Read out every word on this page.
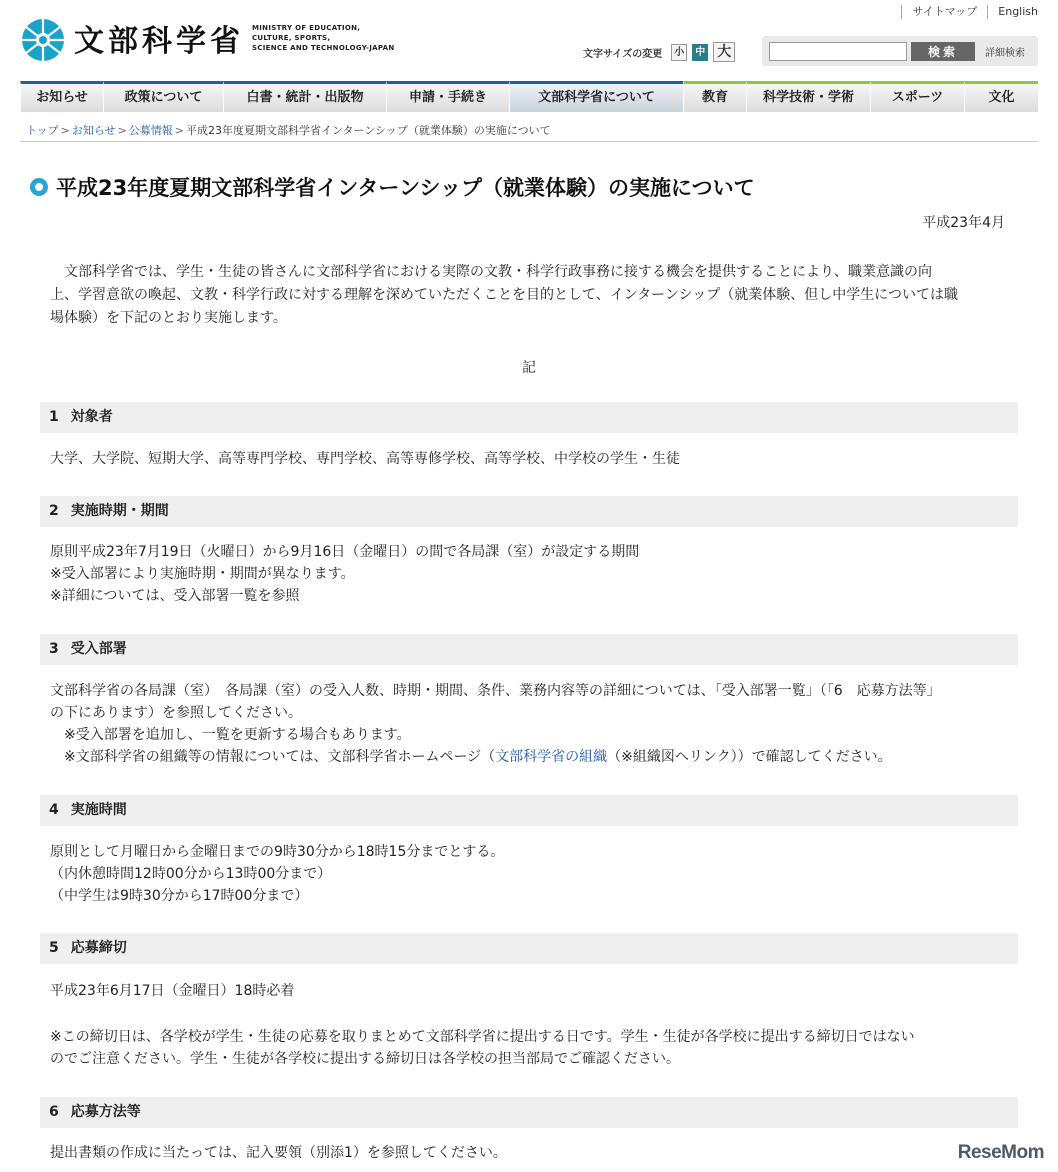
サイトマップ	English
文部科学省 MINISTRY OF EDUCATION,
CULTURE, SPORTS,
SCIENCE AND TECHNOLOGY-JAPAN
文字サイズの変更	小	中 大	検索	詳細検索
お知らせ	政策について	白書・統計・出版物	申請・手続き	文部科学省について	教育	科学技術・学術	スポーツ	文化
トップ > お知らせ > 公募情報 > 平成23年度夏期文部科学省インターンシップ（就業体験）の実施について
平成23年度夏期文部科学省インターンシップ（就業体験）の実施について
平成23年4月
　文部科学省では、学生・生徒の皆さんに文部科学省における実際の文教・科学行政事務に接する機会を提供することにより、職業意識の向
上、学習意欲の喚起、文教・科学行政に対する理解を深めていただくことを目的として、インターンシップ（就業体験、但し中学生については職
場体験）を下記のとおり実施します。
記
1 対象者
大学、大学院、短期大学、高等専門学校、専門学校、高等専修学校、高等学校、中学校の学生・生徒
2 実施時期・期間
原則平成23年7月19日（火曜日）から9月16日（金曜日）の間で各局課（室）が設定する期間
※受入部署により実施時期・期間が異なります。
※詳細については、受入部署一覧を参照
3 受入部署
文部科学省の各局課（室）　各局課（室）の受入人数、時期・期間、条件、業務内容等の詳細については、「受入部署一覧」（「6　応募方法等」
の下にあります）を参照してください。
　※受入部署を追加し、一覧を更新する場合もあります。
　※文部科学省の組織等の情報については、文部科学省ホームページ（文部科学省の組織（※組織図へリンク））で確認してください。
4 実施時間
原則として月曜日から金曜日までの9時30分から18時15分までとする。
（内休憩時間12時00分から13時00分まで）
（中学生は9時30分から17時00分まで）
5 応募締切
平成23年6月17日（金曜日）18時必着
※この締切日は、各学校が学生・生徒の応募を取りまとめて文部科学省に提出する日です。学生・生徒が各学校に提出する締切日ではない
のでご注意ください。学生・生徒が各学校に提出する締切日は各学校の担当部局でご確認ください。
6 応募方法等
提出書類の作成に当たっては、記入要領（別添1）を参照してください。	ReseMom
